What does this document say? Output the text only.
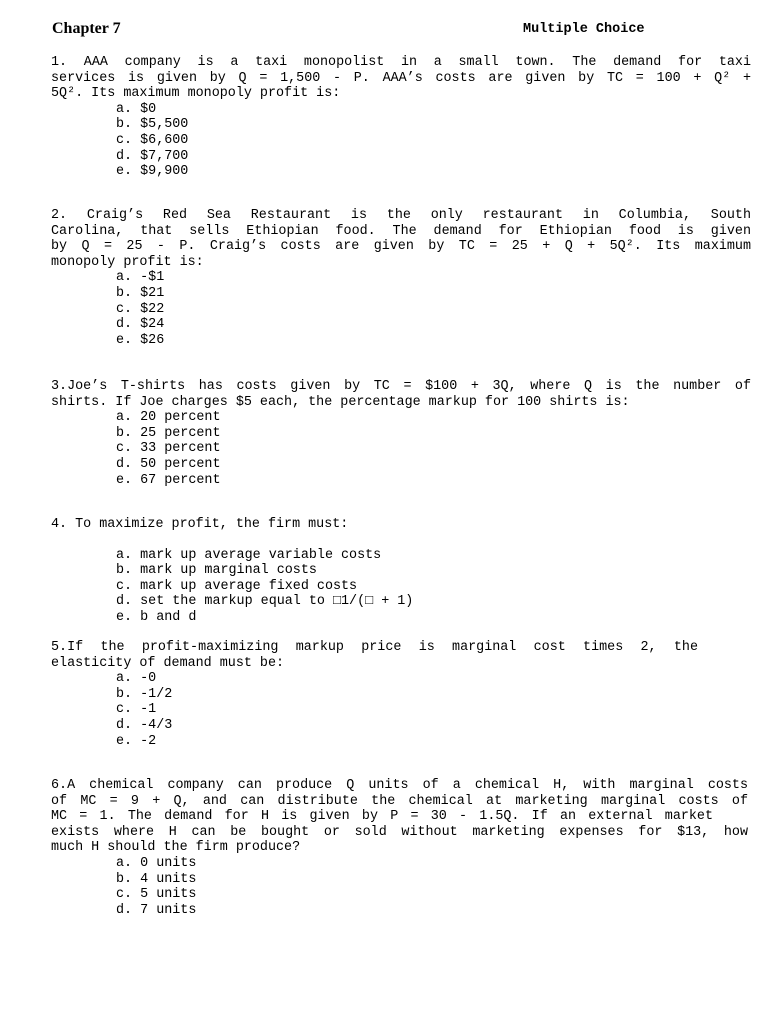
Chapter 7	Multiple Choice
1. AAA company is a taxi monopolist in a small town. The demand for taxi
services is given by Q = 1,500 - P. AAA’s costs are given by TC = 100 + Q² +
5Q². Its maximum monopoly profit is:
a. $0
b. $5,500
c. $6,600
d. $7,700
e. $9,900
2. Craig’s Red Sea Restaurant is the only restaurant in Columbia, South
Carolina, that sells Ethiopian food. The demand for Ethiopian food is given
by Q = 25 - P. Craig’s costs are given by TC = 25 + Q + 5Q². Its maximum
monopoly profit is:
a. -$1
b. $21
c. $22
d. $24
e. $26
3.Joe’s T-shirts has costs given by TC = $100 + 3Q, where Q is the number of
shirts. If Joe charges $5 each, the percentage markup for 100 shirts is:
a. 20 percent
b. 25 percent
c. 33 percent
d. 50 percent
e. 67 percent
4. To maximize profit, the firm must:
a. mark up average variable costs
b. mark up marginal costs
c. mark up average fixed costs
d. set the markup equal to □1/(□ + 1)
e. b and d
5.If the profit-maximizing markup price is marginal cost times 2, the
elasticity of demand must be:
a. -0
b. -1/2
c. -1
d. -4/3
e. -2
6.A chemical company can produce Q units of a chemical H, with marginal costs
of MC = 9 + Q, and can distribute the chemical at marketing marginal costs of
MC = 1. The demand for H is given by P = 30 - 1.5Q. If an external market
exists where H can be bought or sold without marketing expenses for $13, how
much H should the firm produce?
a. 0 units
b. 4 units
c. 5 units
d. 7 units
